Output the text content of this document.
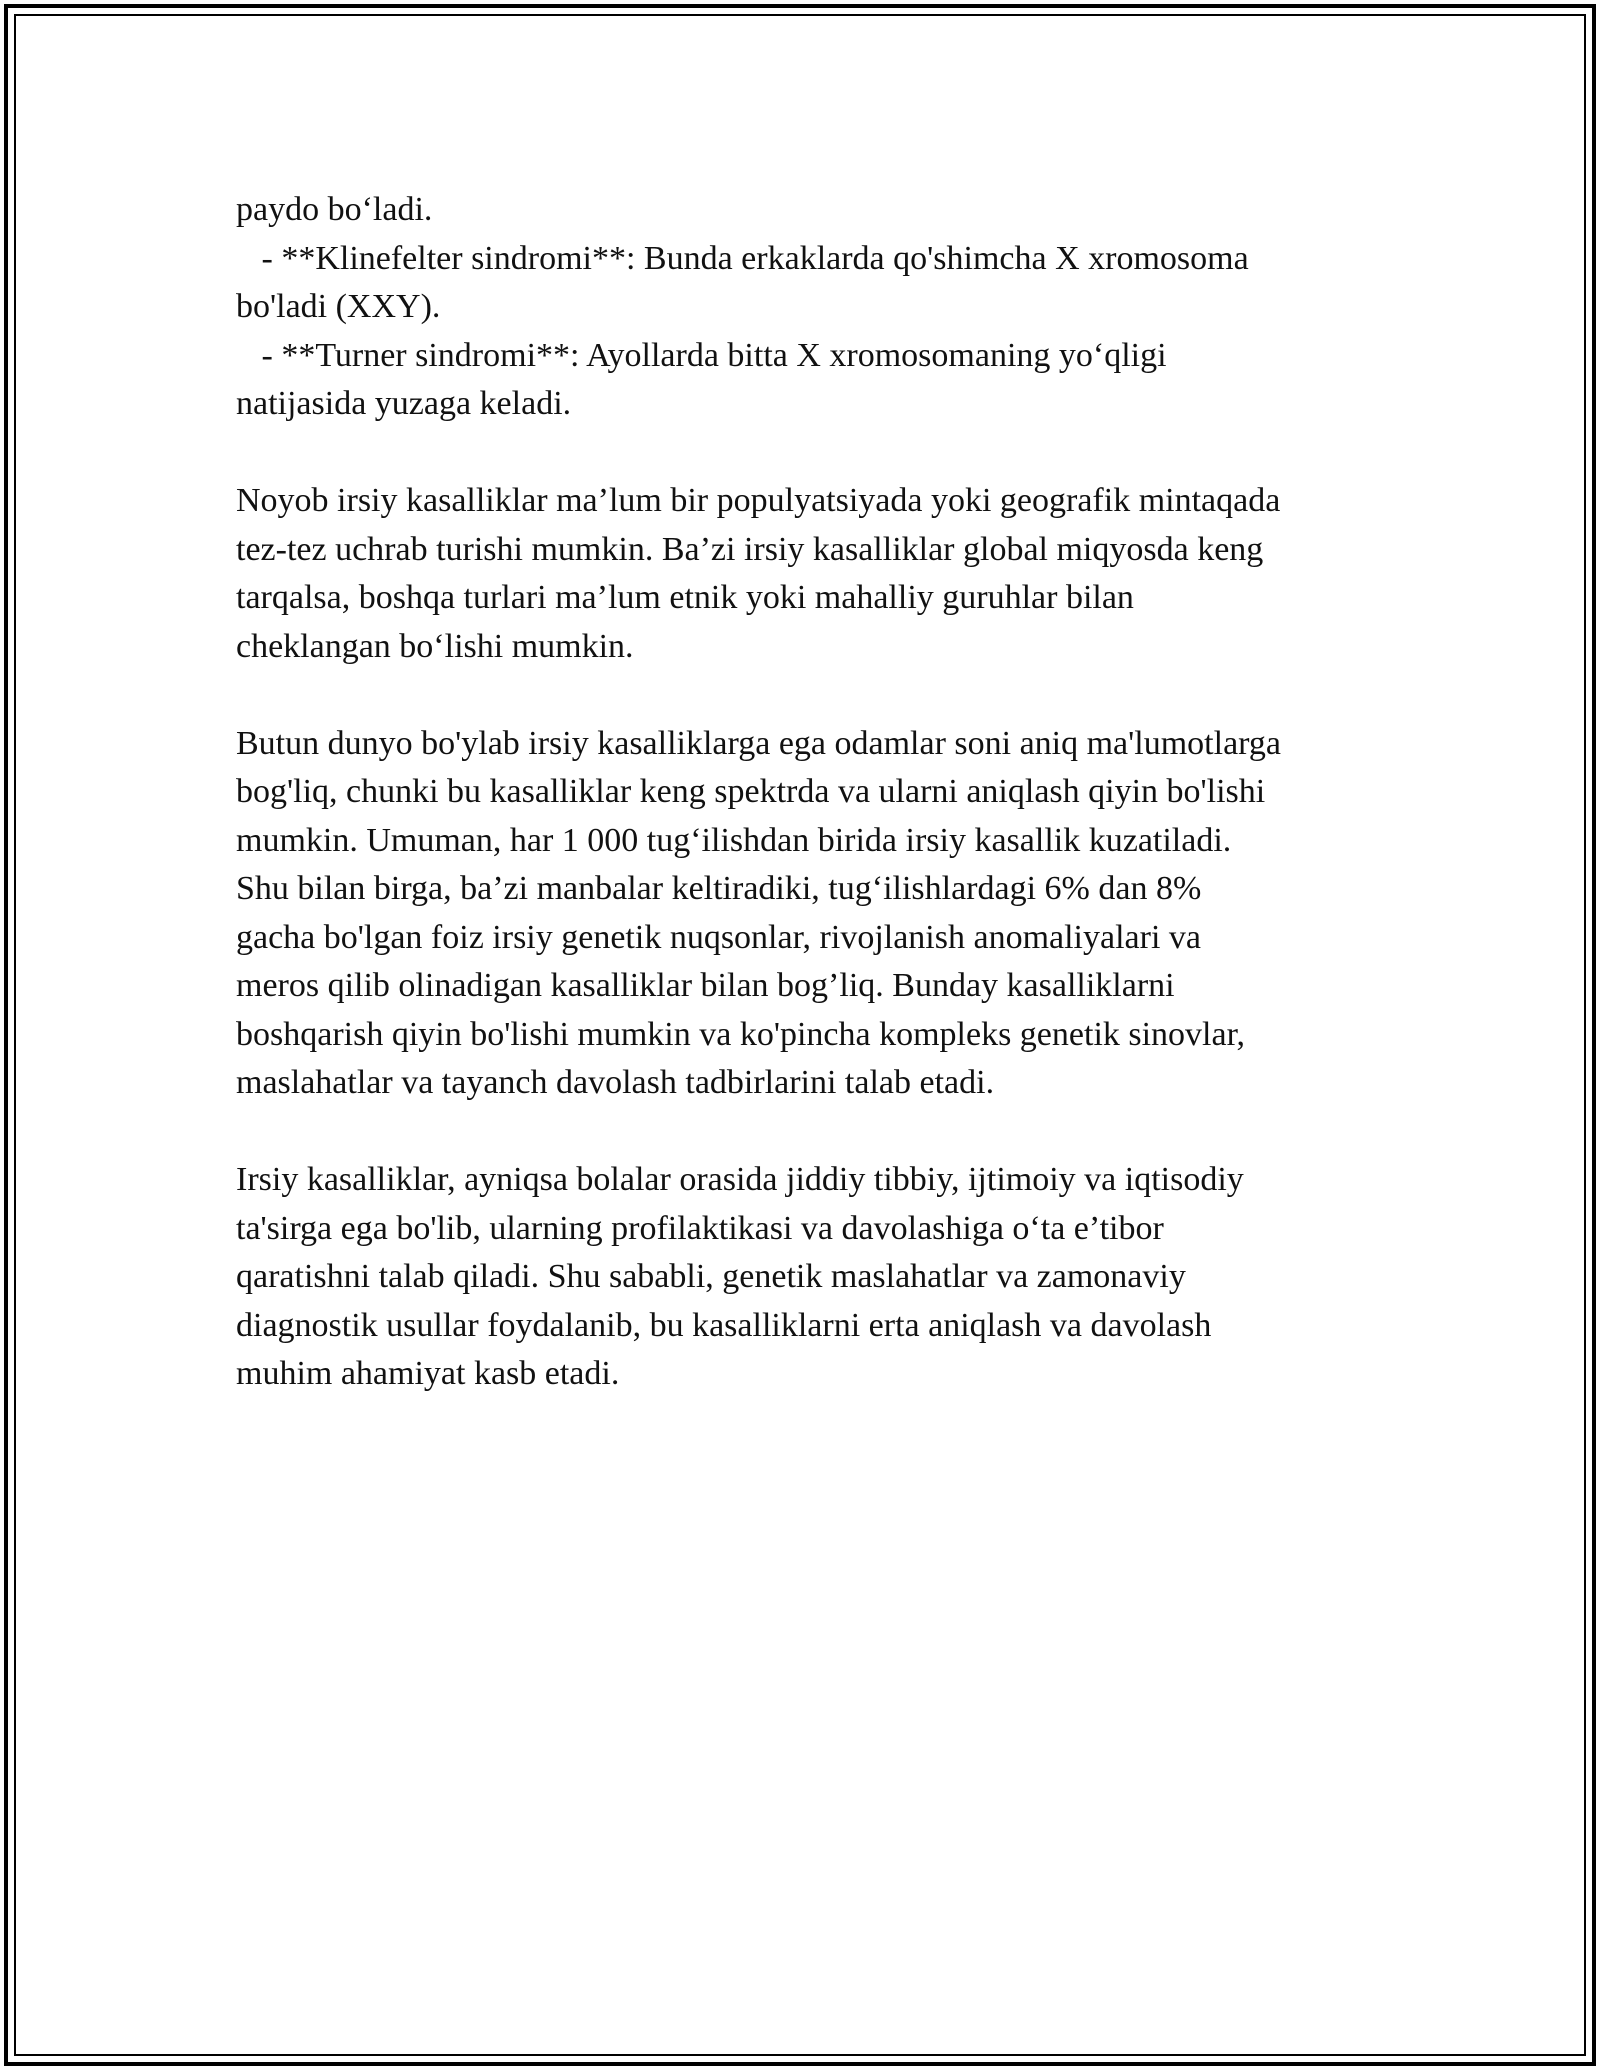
paydo bo‘ladi.
- **Klinefelter sindromi**: Bunda erkaklarda qo'shimcha X xromosoma
bo'ladi (XXY).
- **Turner sindromi**: Ayollarda bitta X xromosomaning yo‘qligi
natijasida yuzaga keladi.
Noyob irsiy kasalliklar ma’lum bir populyatsiyada yoki geografik mintaqada
tez-tez uchrab turishi mumkin. Ba’zi irsiy kasalliklar global miqyosda keng
tarqalsa, boshqa turlari ma’lum etnik yoki mahalliy guruhlar bilan
cheklangan bo‘lishi mumkin.
Butun dunyo bo'ylab irsiy kasalliklarga ega odamlar soni aniq ma'lumotlarga
bog'liq, chunki bu kasalliklar keng spektrda va ularni aniqlash qiyin bo'lishi
mumkin. Umuman, har 1 000 tug‘ilishdan birida irsiy kasallik kuzatiladi.
Shu bilan birga, ba’zi manbalar keltiradiki, tug‘ilishlardagi 6% dan 8%
gacha bo'lgan foiz irsiy genetik nuqsonlar, rivojlanish anomaliyalari va
meros qilib olinadigan kasalliklar bilan bog’liq. Bunday kasalliklarni
boshqarish qiyin bo'lishi mumkin va ko'pincha kompleks genetik sinovlar,
maslahatlar va tayanch davolash tadbirlarini talab etadi.
Irsiy kasalliklar, ayniqsa bolalar orasida jiddiy tibbiy, ijtimoiy va iqtisodiy
ta'sirga ega bo'lib, ularning profilaktikasi va davolashiga o‘ta e’tibor
qaratishni talab qiladi. Shu sababli, genetik maslahatlar va zamonaviy
diagnostik usullar foydalanib, bu kasalliklarni erta aniqlash va davolash
muhim ahamiyat kasb etadi.
